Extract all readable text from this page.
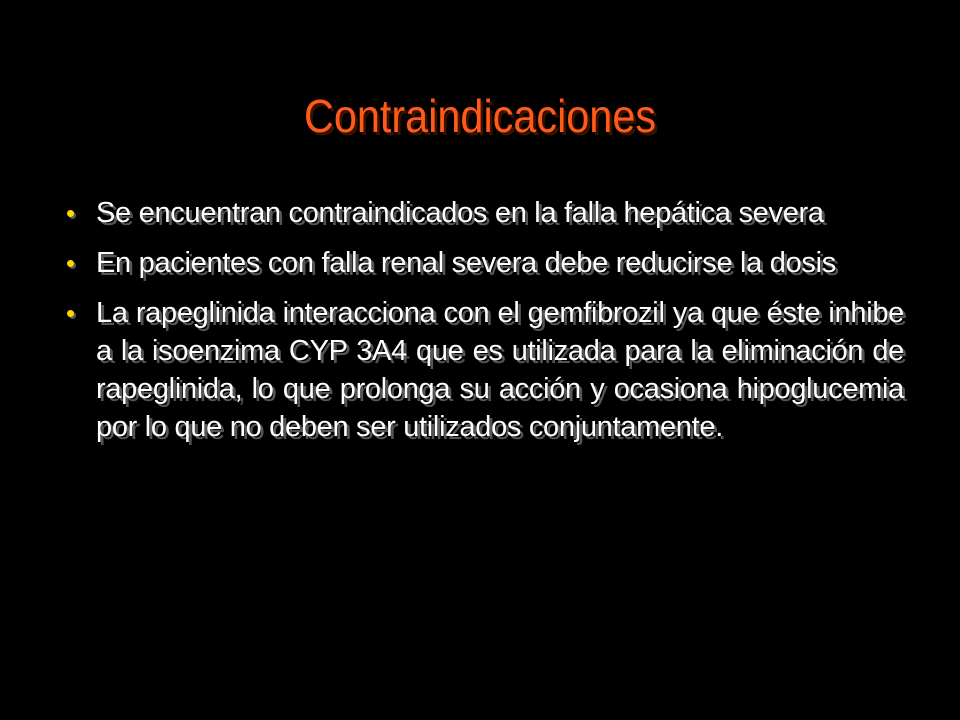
Contraindicaciones
• Se encuentran contraindicados en la falla hepática severa
• En pacientes con falla renal severa debe reducirse la dosis
• La rapeglinida interacciona con el gemfibrozil ya que éste inhibe a la isoenzima CYP 3A4 que es utilizada para la eliminación de rapeglinida, lo que prolonga su acción y ocasiona hipoglucemia por lo que no deben ser utilizados conjuntamente.
